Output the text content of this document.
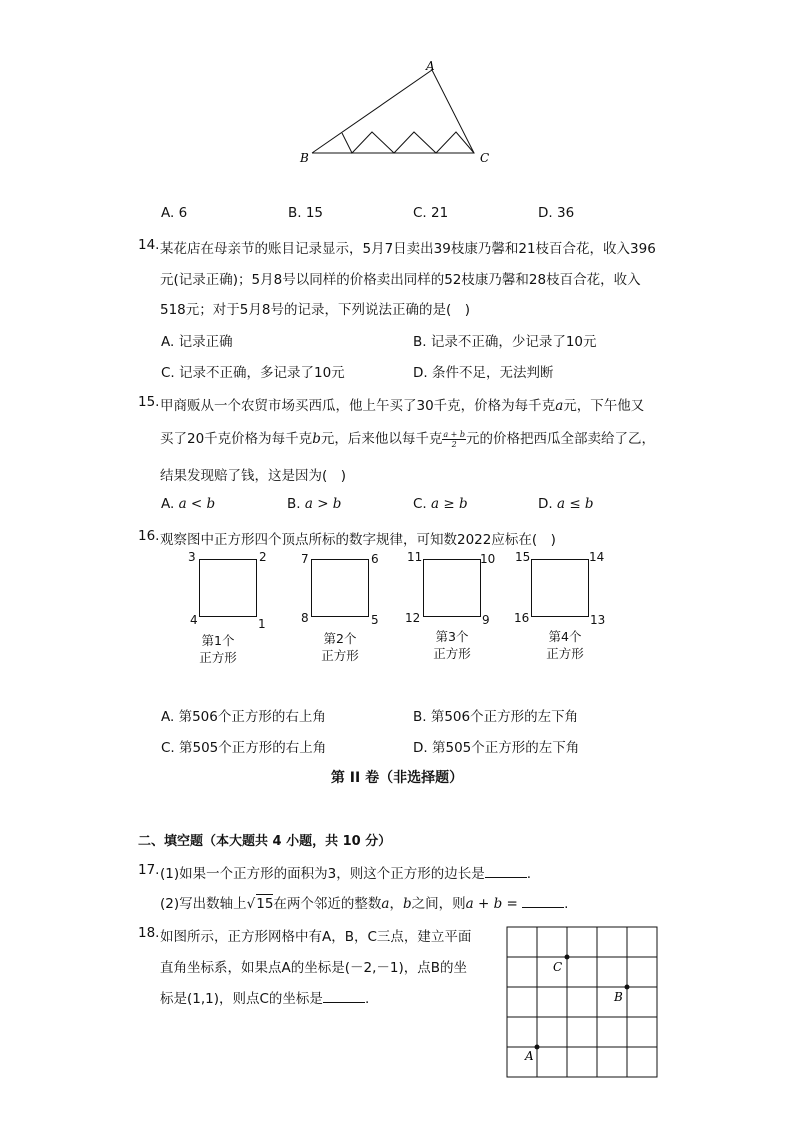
A
B	C
A. 6	B. 15	C. 21	D. 36
14. 某花店在母亲节的账目记录显示，5月7日卖出39枝康乃馨和21枝百合花，收入396
元(记录正确)；5月8号以同样的价格卖出同样的52枝康乃馨和28枝百合花，收入
518元；对于5月8号的记录，下列说法正确的是(　)
A. 记录正确	B. 记录不正确，少记录了10元
C. 记录不正确，多记录了10元	D. 条件不足，无法判断
15. 甲商贩从一个农贸市场买西瓜，他上午买了30千克，价格为每千克a元，下午他又
买了20千克价格为每千克b元，后来他以每千克 $\frac{a + b}{2}$ 元的价格把西瓜全部卖给了乙，
结果发现赔了钱，这是因为(　)
A. a < b	B. a > b	C. a ≥ b	D. a ≤ b
16. 观察图中正方形四个顶点所标的数字规律，可知数2022应标在(　)
3	2
4	1
第1个
正方形
7	6
8	5
第2个
正方形
11	10
12	9
第3个
正方形
15	14
16	13
第4个
正方形
A. 第506个正方形的右上角	B. 第506个正方形的左下角
C. 第505个正方形的右上角	D. 第505个正方形的左下角
第 II 卷（非选择题）
二、填空题（本大题共 4 小题，共 10 分）
17. (1)如果一个正方形的面积为3，则这个正方形的边长是	.
(2)写出数轴上√15在两个邻近的整数a，b之间，则a + b =	.
18. 如图所示，正方形网格中有A，B，C三点，建立平面
直角坐标系，如果点A的坐标是(－2,－1)，点B的坐
标是(1,1)，则点C的坐标是	.
C
B
A
